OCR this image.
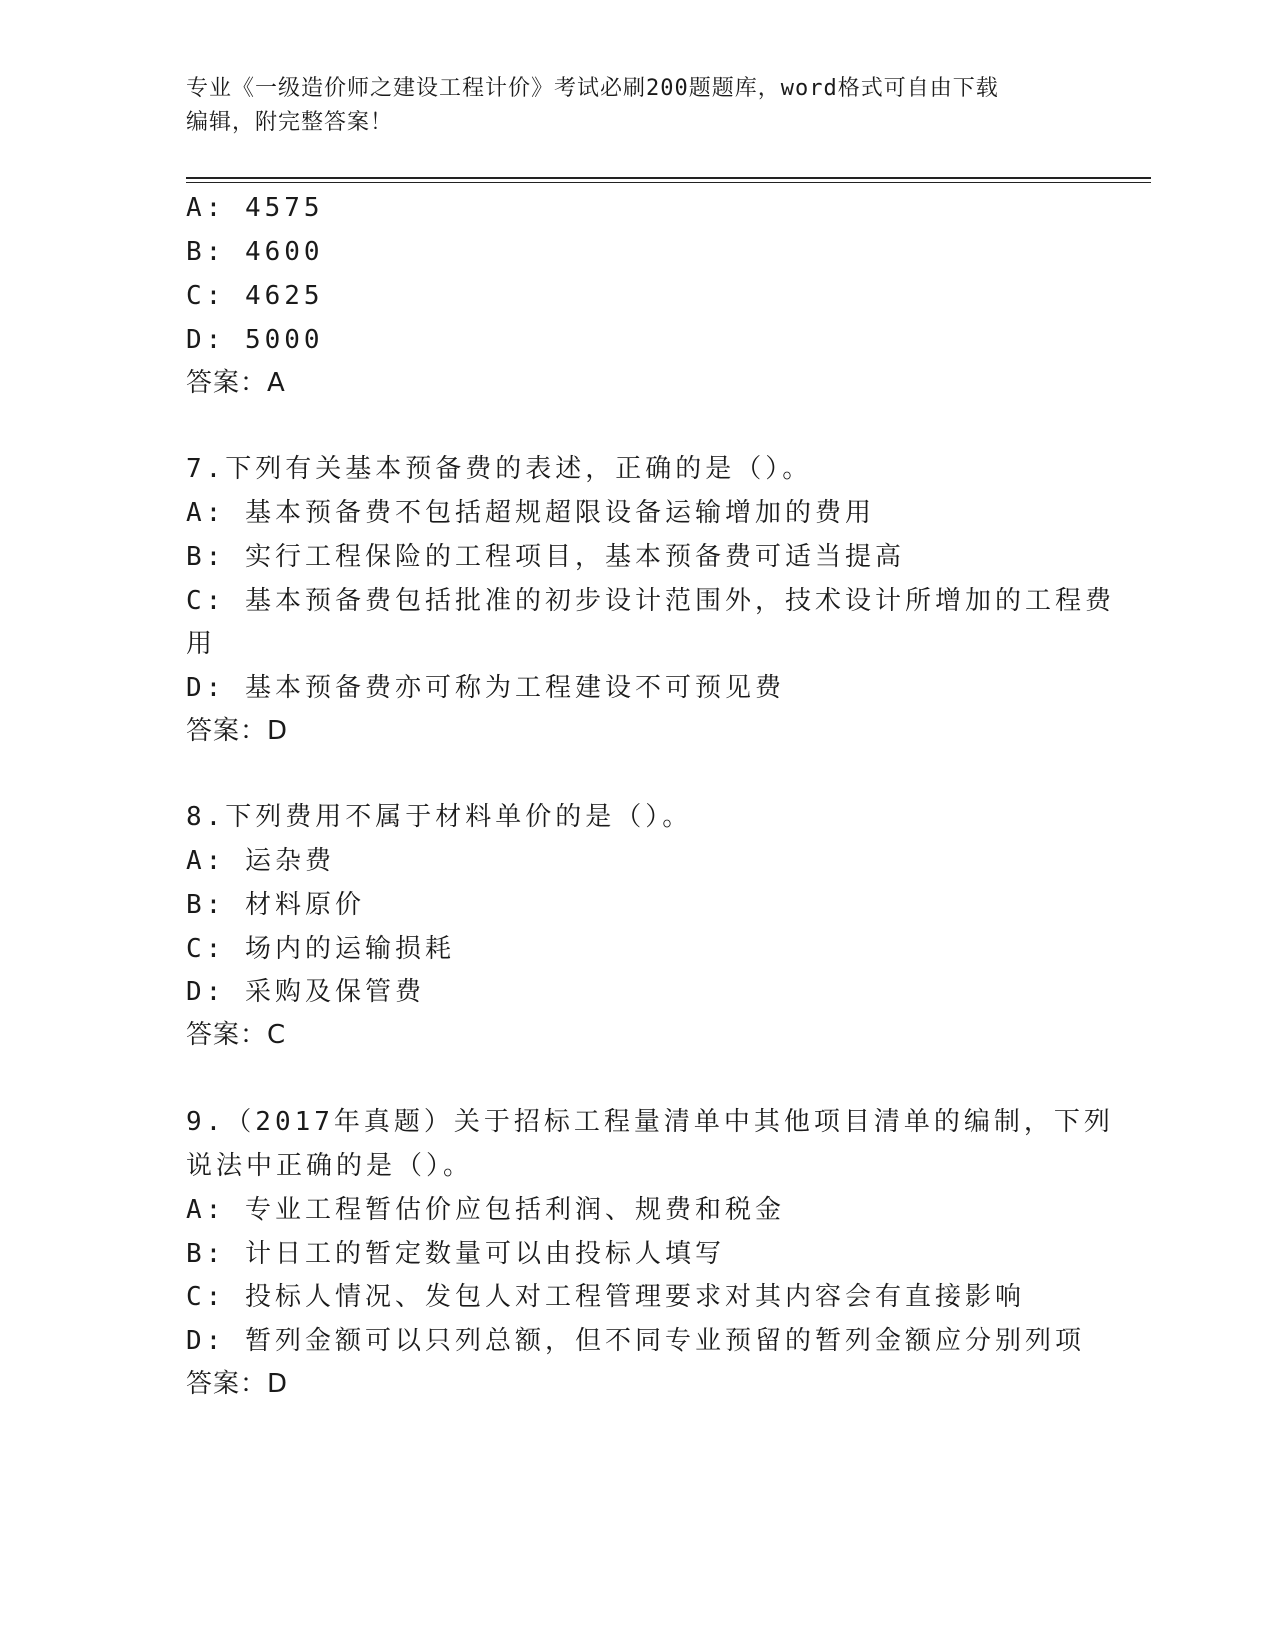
专业《一级造价师之建设工程计价》考试必刷200题题库，word格式可自由下载
编辑，附完整答案！
A: 4575
B: 4600
C: 4625
D: 5000
答案：A
7.下列有关基本预备费的表述，正确的是（）。
A: 基本预备费不包括超规超限设备运输增加的费用
B: 实行工程保险的工程项目，基本预备费可适当提高
C: 基本预备费包括批准的初步设计范围外，技术设计所增加的工程费
用
D: 基本预备费亦可称为工程建设不可预见费
答案：D
8.下列费用不属于材料单价的是（）。
A: 运杂费
B: 材料原价
C: 场内的运输损耗
D: 采购及保管费
答案：C
9.（2017年真题）关于招标工程量清单中其他项目清单的编制，下列
说法中正确的是（）。
A: 专业工程暂估价应包括利润、规费和税金
B: 计日工的暂定数量可以由投标人填写
C: 投标人情况、发包人对工程管理要求对其内容会有直接影响
D: 暂列金额可以只列总额，但不同专业预留的暂列金额应分别列项
答案：D
